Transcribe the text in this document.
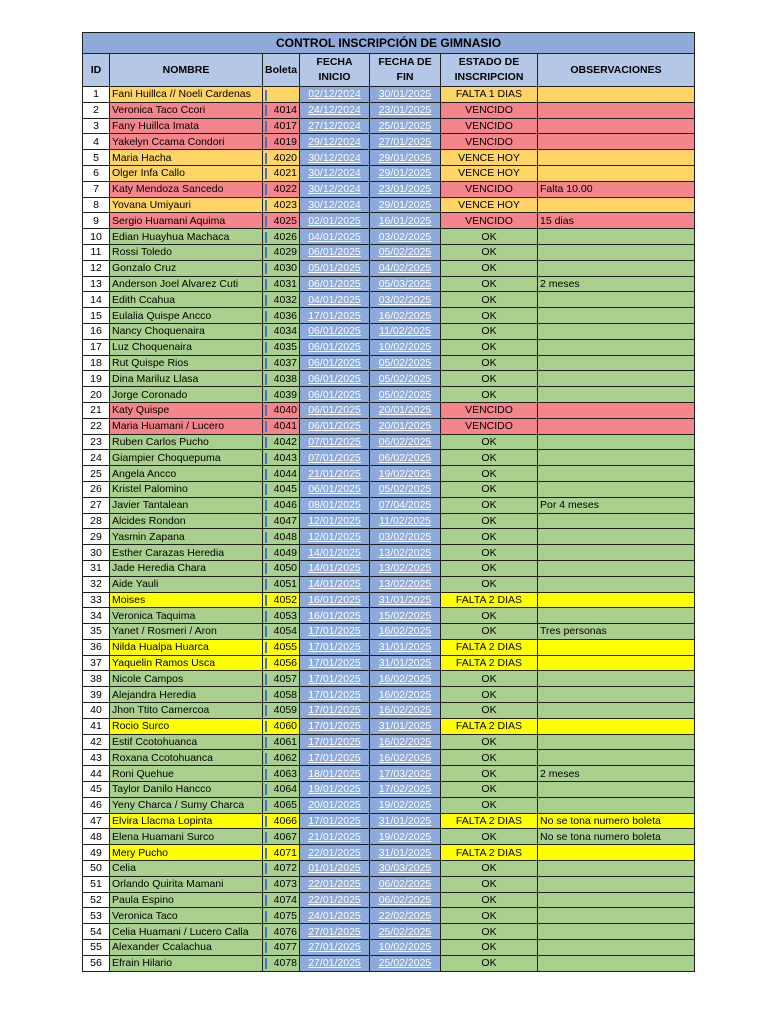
CONTROL INSCRIPCIÓN DE GIMNASIO						
ID	NOMBRE	Boleta	FECHA INICIO	FECHA DE FIN	ESTADO DE INSCRIPCION	OBSERVACIONES
1	Fani Huillca // Noeli Cardenas		02/12/2024	30/01/2025	FALTA 1 DIAS	
2	Veronica Taco Ccori	4014	24/12/2024	23/01/2025	VENCIDO	
3	Fany Huillca Imata	4017	27/12/2024	25/01/2025	VENCIDO	
4	Yakelyn Ccama Condori	4019	29/12/2024	27/01/2025	VENCIDO	
5	Maria Hacha	4020	30/12/2024	29/01/2025	VENCE HOY	
6	Olger Infa Callo	4021	30/12/2024	29/01/2025	VENCE HOY	
7	Katy Mendoza Sancedo	4022	30/12/2024	23/01/2025	VENCIDO	Falta 10.00
8	Yovana Umiyauri	4023	30/12/2024	29/01/2025	VENCE HOY	
9	Sergio Huamani Aquima	4025	02/01/2025	16/01/2025	VENCIDO	15 dias
10	Edian Huayhua Machaca	4026	04/01/2025	03/02/2025	OK	
11	Rossi Toledo	4029	06/01/2025	05/02/2025	OK	
12	Gonzalo Cruz	4030	05/01/2025	04/02/2025	OK	
13	Anderson Joel Alvarez Cuti	4031	06/01/2025	05/03/2025	OK	2 meses
14	Edith Ccahua	4032	04/01/2025	03/02/2025	OK	
15	Eulalia Quispe Ancco	4036	17/01/2025	16/02/2025	OK	
16	Nancy Choquenaira	4034	06/01/2025	11/02/2025	OK	
17	Luz Choquenaira	4035	06/01/2025	10/02/2025	OK	
18	Rut Quispe Rios	4037	06/01/2025	05/02/2025	OK	
19	Dina Mariluz Llasa	4038	06/01/2025	05/02/2025	OK	
20	Jorge Coronado	4039	06/01/2025	05/02/2025	OK	
21	Katy Quispe	4040	06/01/2025	20/01/2025	VENCIDO	
22	Maria Huamani / Lucero	4041	06/01/2025	20/01/2025	VENCIDO	
23	Ruben Carlos Pucho	4042	07/01/2025	06/02/2025	OK	
24	Giampier Choquepuma	4043	07/01/2025	06/02/2025	OK	
25	Angela Ancco	4044	21/01/2025	19/02/2025	OK	
26	Kristel Palomino	4045	06/01/2025	05/02/2025	OK	
27	Javier Tantalean	4046	08/01/2025	07/04/2025	OK	Por 4 meses
28	Alcides Rondon	4047	12/01/2025	11/02/2025	OK	
29	Yasmin Zapana	4048	12/01/2025	03/02/2025	OK	
30	Esther Carazas Heredia	4049	14/01/2025	13/02/2025	OK	
31	Jade Heredia Chara	4050	14/01/2025	13/02/2025	OK	
32	Aide Yauli	4051	14/01/2025	13/02/2025	OK	
33	Moises	4052	16/01/2025	31/01/2025	FALTA 2 DIAS	
34	Veronica Taquima	4053	16/01/2025	15/02/2025	OK	
35	Yanet / Rosmeri / Aron	4054	17/01/2025	16/02/2025	OK	Tres personas
36	Nilda Hualpa Huarca	4055	17/01/2025	31/01/2025	FALTA 2 DIAS	
37	Yaquelin Ramos Usca	4056	17/01/2025	31/01/2025	FALTA 2 DIAS	
38	Nicole Campos	4057	17/01/2025	16/02/2025	OK	
39	Alejandra Heredia	4058	17/01/2025	16/02/2025	OK	
40	Jhon Ttito Camercoa	4059	17/01/2025	16/02/2025	OK	
41	Rocio Surco	4060	17/01/2025	31/01/2025	FALTA 2 DIAS	
42	Estif Ccotohuanca	4061	17/01/2025	16/02/2025	OK	
43	Roxana Ccotohuanca	4062	17/01/2025	16/02/2025	OK	
44	Roni Quehue	4063	18/01/2025	17/03/2025	OK	2 meses
45	Taylor Danilo Hancco	4064	19/01/2025	17/02/2025	OK	
46	Yeny Charca / Sumy Charca	4065	20/01/2025	19/02/2025	OK	
47	Elvira Llacma Lopinta	4066	17/01/2025	31/01/2025	FALTA 2 DIAS	No se tona numero boleta
48	Elena Huamani Surco	4067	21/01/2025	19/02/2025	OK	No se tona numero boleta
49	Mery Pucho	4071	22/01/2025	31/01/2025	FALTA 2 DIAS	
50	Celia	4072	01/01/2025	30/03/2025	OK	
51	Orlando Quirita Mamani	4073	22/01/2025	06/02/2025	OK	
52	Paula Espino	4074	22/01/2025	06/02/2025	OK	
53	Veronica Taco	4075	24/01/2025	22/02/2025	OK	
54	Celia Huamani / Lucero Calla	4076	27/01/2025	25/02/2025	OK	
55	Alexander Ccalachua	4077	27/01/2025	10/02/2025	OK	
56	Efrain Hilario	4078	27/01/2025	25/02/2025	OK	
